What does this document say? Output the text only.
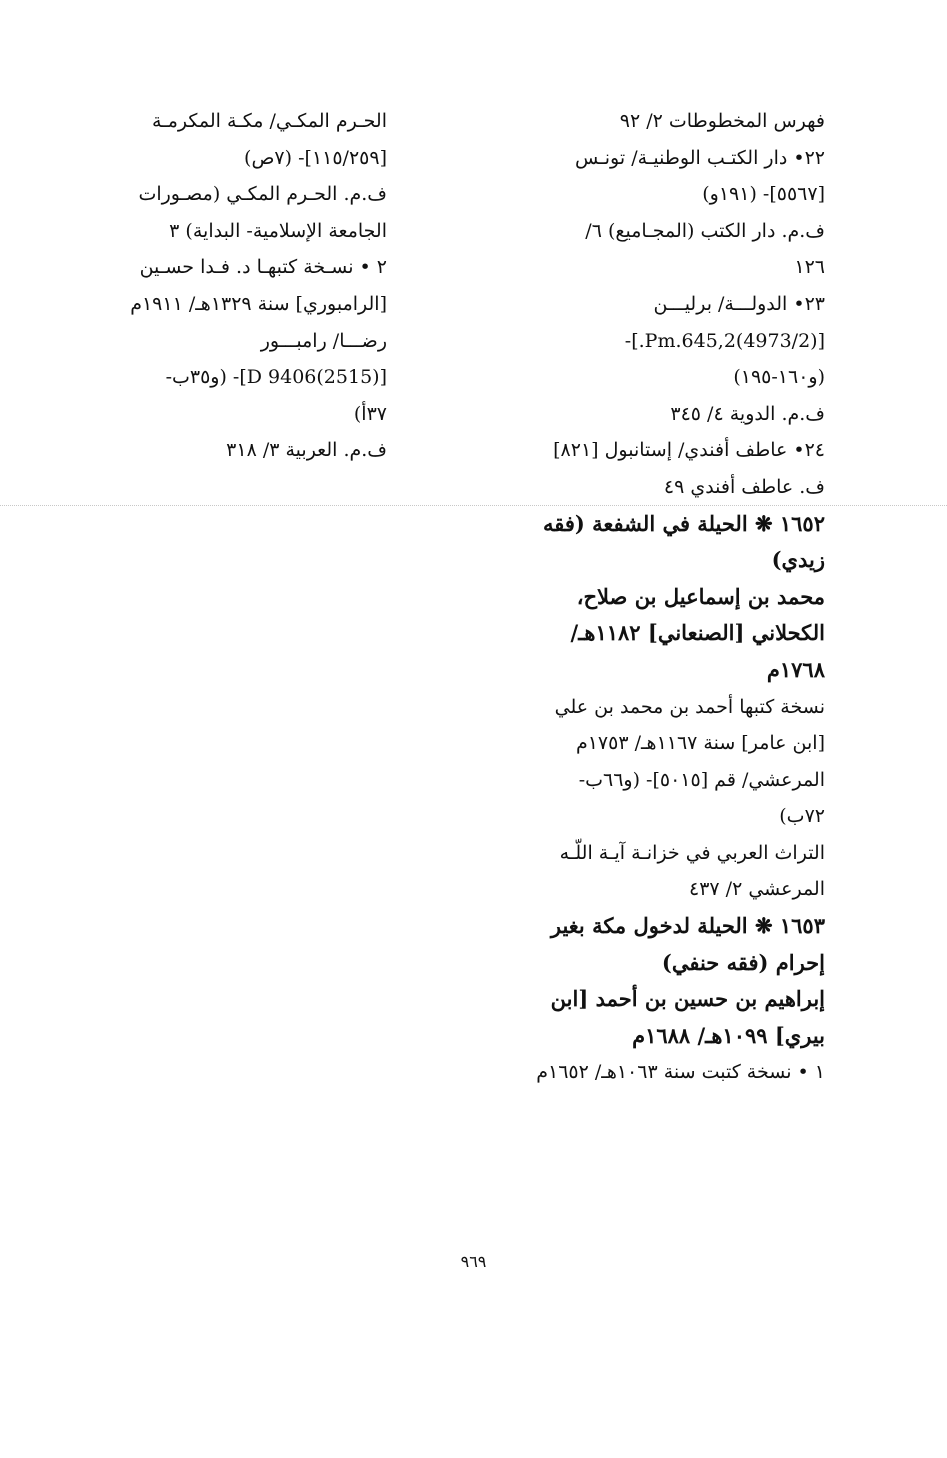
فهرس المخطوطات ٢/ ٩٢
٢٢• دار الكتـب الوطنيـة/ تونـس
[٥٥٦٧]- (١٩١و)
ف.م. دار الكتب (المجـاميع) ٦/
١٢٦
٢٣• الدولـــة/ برليـــن
[(4973/2)Pm.645,2.]-
(و١٦٠-١٩٥)
ف.م. الدوية ٤/ ٣٤٥
٢٤• عاطف أفندي/ إستانبول [٨٢١]
ف. عاطف أفندي ٤٩
١٦٥٢ ❋ الحيلة في الشفعة (فقه
زيدي)
محمد بن إسماعيل بن صلاح،
الكحلاني [الصنعاني] ١١٨٢هـ/
١٧٦٨م
نسخة كتبها أحمد بن محمد بن علي
[ابن عامر] سنة ١١٦٧هـ/ ١٧٥٣م
المرعشي/ قم [٥٠١٥]- (و٦٦ب-
٧٢ب)
التراث العربي في خزانـة آيـة اللّـه
المرعشي ٢/ ٤٣٧
١٦٥٣ ❋ الحيلة لدخول مكة بغير
إحرام (فقه حنفي)
إبراهيم بن حسين بن أحمد [ابن
بيري] ١٠٩٩هـ/ ١٦٨٨م
١ • نسخة كتبت سنة ١٠٦٣هـ/ ١٦٥٢م
الحـرم المكـي/ مكـة المكرمـة
[١١٥/٢٥٩]- (٧ص)
ف.م. الحـرم المكـي (مصـورات
الجامعة الإسلامية- البداية) ٣
٢ • نسـخة كتبهـا د. فـدا حسـين
[الرامبوري] سنة ١٣٢٩هـ/ ١٩١١م
رضـــا/ رامبـــور
[D 9406(2515)]- (و٣٥ب-
٣٧أ)
ف.م. العربية ٣/ ٣١٨
٩٦٩
